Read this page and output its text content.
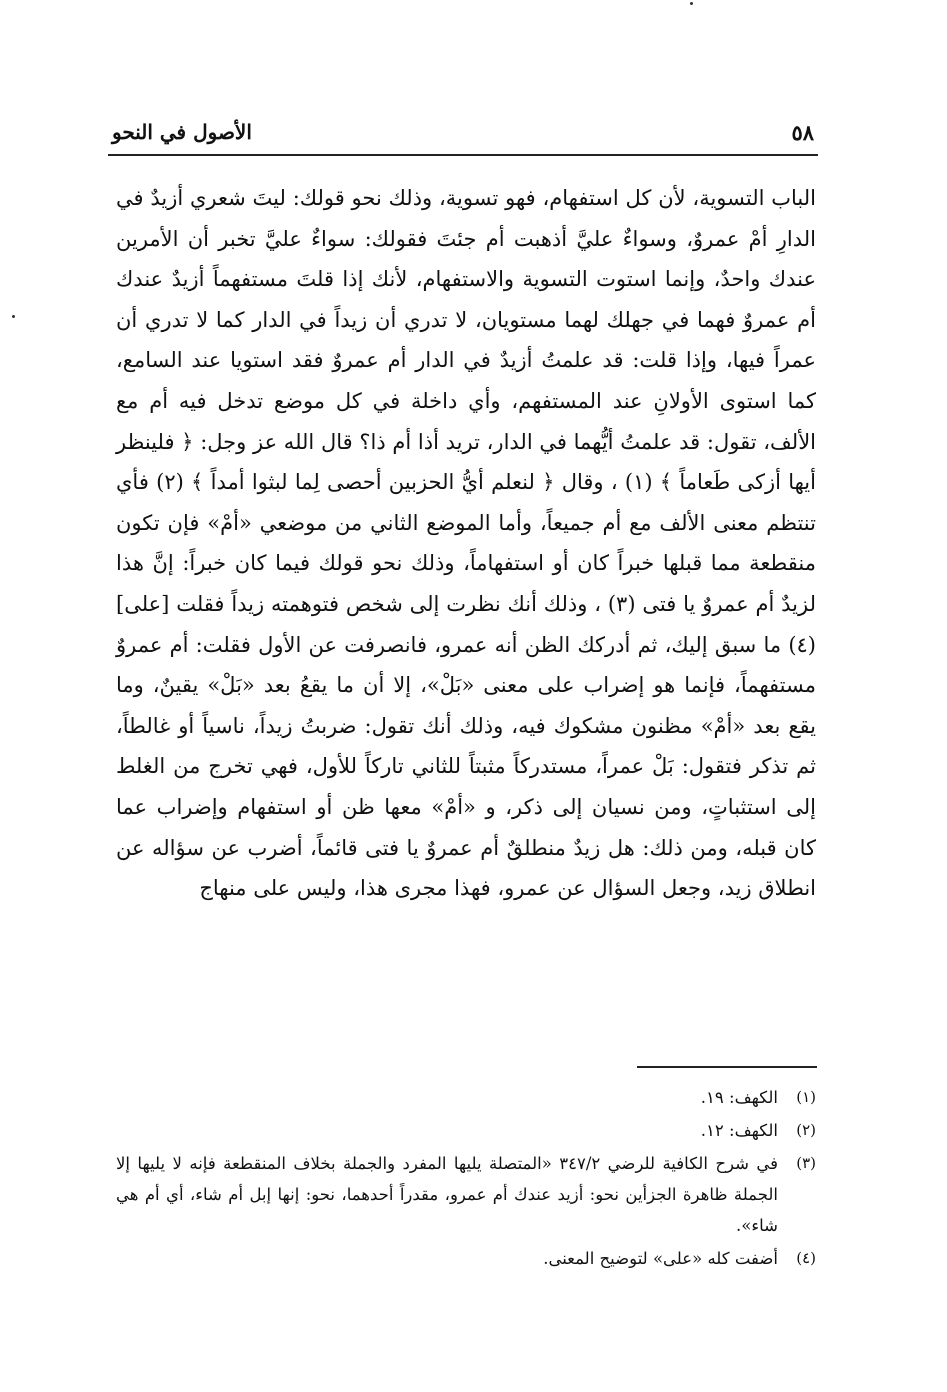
٥٨
الأصول في النحو

الباب التسوية، لأن كل استفهام، فهو تسوية، وذلك نحو قولك: ليتَ شعري أزيدٌ في الدارِ أمْ عمروٌ، وسواءٌ عليَّ أذهبت أم جئتَ فقولك: سواءٌ عليَّ تخبر أن الأمرين عندك واحدٌ، وإنما استوت التسوية والاستفهام، لأنك إذا قلتَ مستفهماً أزيدٌ عندك أم عمروٌ فهما في جهلك لهما مستويان، لا تدري أن زيداً في الدار كما لا تدري أن عمراً فيها، وإذا قلت: قد علمتُ أزيدٌ في الدار أم عمروٌ فقد استويا عند السامع، كما استوى الأولانِ عند المستفهم، وأي داخلة في كل موضع تدخل فيه أم مع الألف، تقول: قد علمتُ أيُّهما في الدار، تريد أذا أم ذا؟ قال الله عز وجل: ﴿ فلينظر أيها أزكى طَعاماً ﴾ (١) ، وقال ﴿ لنعلم أيُّ الحزبين أحصى لِما لبثوا أمداً ﴾ (٢) فأي تنتظم معنى الألف مع أم جميعاً، وأما الموضع الثاني من موضعي «أمْ» فإن تكون منقطعة مما قبلها خبراً كان أو استفهاماً، وذلك نحو قولك فيما كان خبراً: إنَّ هذا لزيدٌ أم عمروٌ يا فتى (٣) ، وذلك أنك نظرت إلى شخص فتوهمته زيداً فقلت [على] (٤) ما سبق إليك، ثم أدركك الظن أنه عمرو، فانصرفت عن الأول فقلت: أم عمروٌ مستفهماً، فإنما هو إضراب على معنى «بَلْ»، إلا أن ما يقعُ بعد «بَلْ» يقينٌ، وما يقع بعد «أمْ» مظنون مشكوك فيه، وذلك أنك تقول: ضربتُ زيداً، ناسياً أو غالطاً، ثم تذكر فتقول: بَلْ عمراً، مستدركاً مثبتاً للثاني تاركاً للأول، فهي تخرج من الغلط إلى استثباتٍ، ومن نسيان إلى ذكر، و «أمْ» معها ظن أو استفهام وإضراب عما كان قبله، ومن ذلك: هل زيدٌ منطلقٌ أم عمروٌ يا فتى قائماً، أضرب عن سؤاله عن انطلاق زيد، وجعل السؤال عن عمرو، فهذا مجرى هذا، وليس على منهاج

(١)
الكهف: ١٩.
(٢)
الكهف: ١٢.
(٣)
في شرح الكافية للرضي ٣٤٧/٢ «المتصلة يليها المفرد والجملة بخلاف المنقطعة فإنه لا يليها إلا الجملة ظاهرة الجزأين نحو: أزيد عندك أم عمرو، مقدراً أحدهما، نحو: إنها إبل أم شاء، أي أم هي شاء».
(٤)
أضفت كله «على» لتوضيح المعنى.
